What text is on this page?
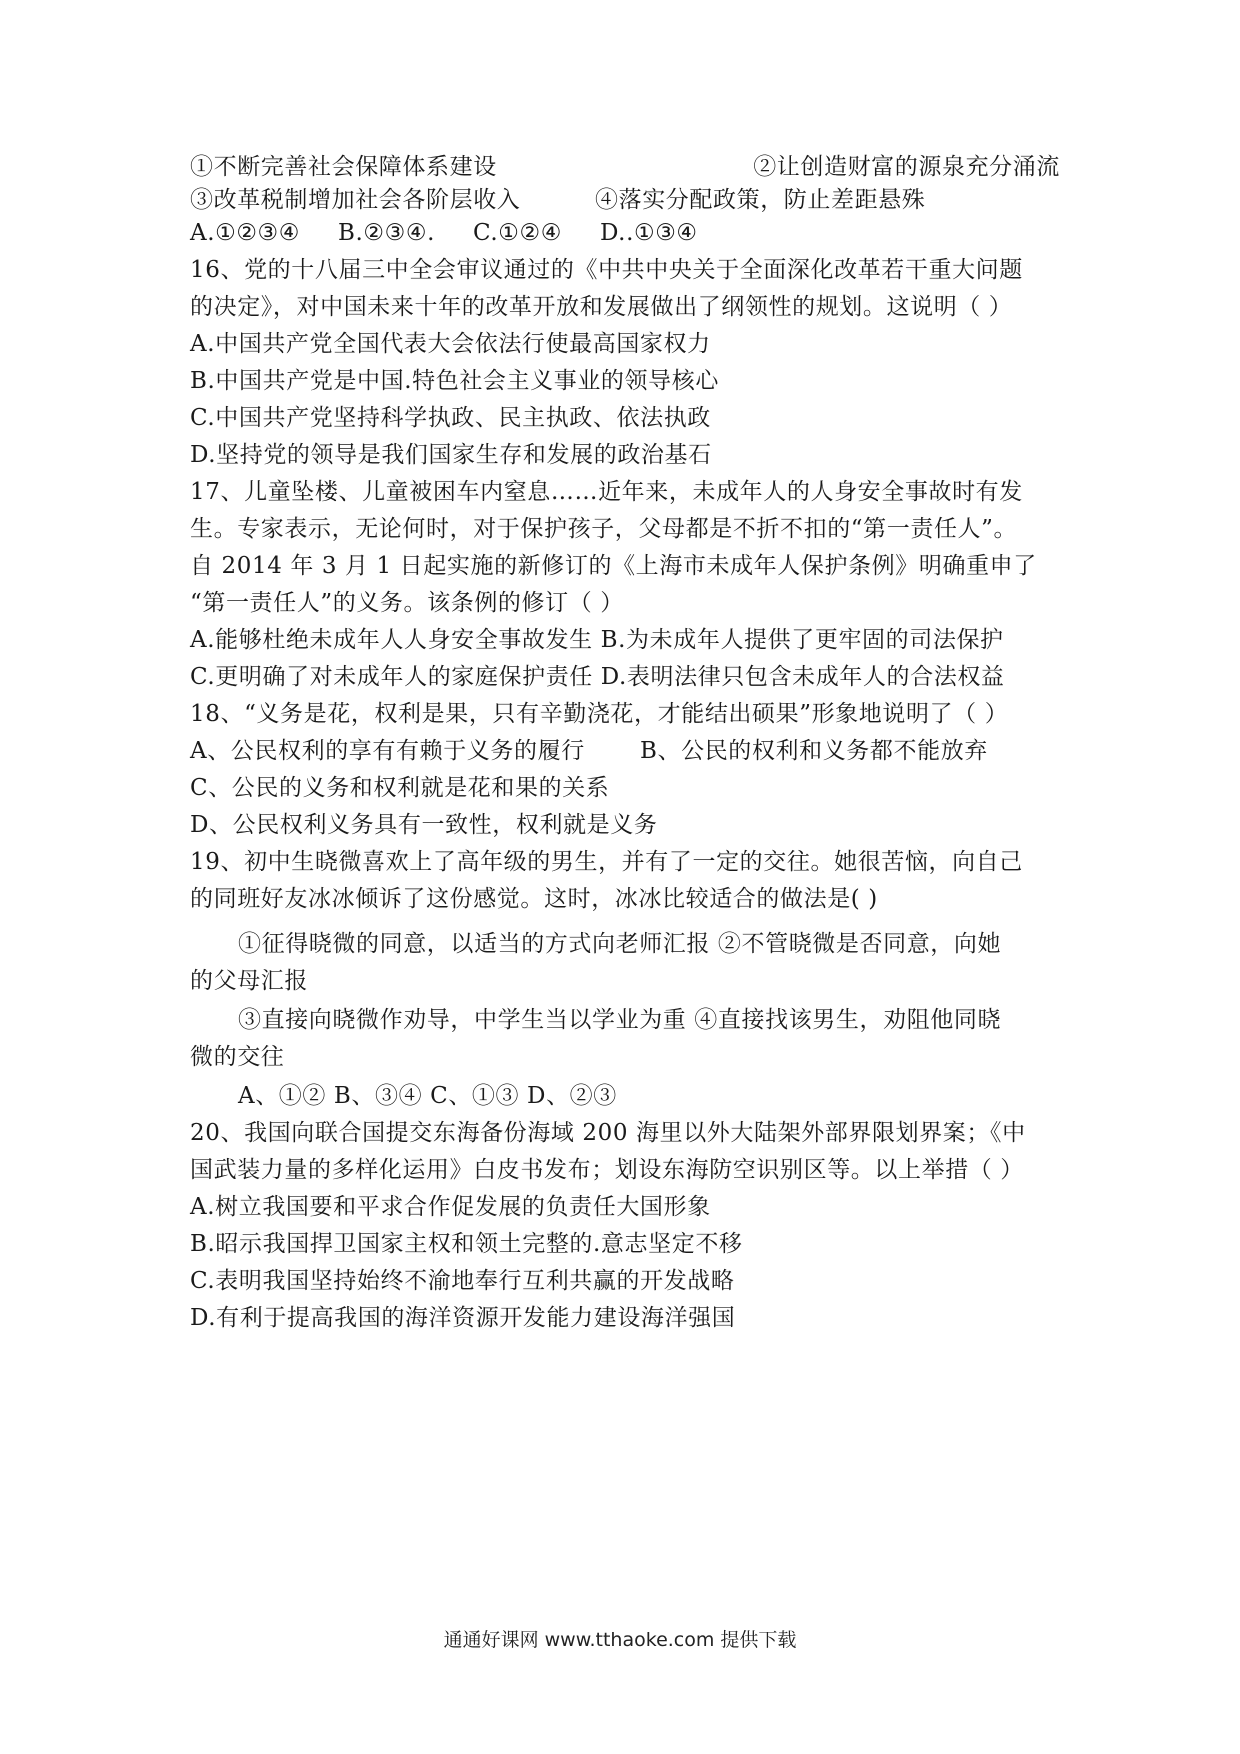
①不断完善社会保障体系建设	②让创造财富的源泉充分涌流
③改革税制增加社会各阶层收入	④落实分配政策，防止差距悬殊
A.①②③④ B.②③④. C.①②④ D..①③④
16、党的十八届三中全会审议通过的《中共中央关于全面深化改革若干重大问题
的决定》，对中国未来十年的改革开放和发展做出了纲领性的规划。这说明（ ）
A.中国共产党全国代表大会依法行使最高国家权力
B.中国共产党是中国.特色社会主义事业的领导核心
C.中国共产党坚持科学执政、民主执政、依法执政
D.坚持党的领导是我们国家生存和发展的政治基石
17、儿童坠楼、儿童被困车内窒息……近年来，未成年人的人身安全事故时有发
生。专家表示，无论何时，对于保护孩子，父母都是不折不扣的“第一责任人”。
自 2014 年 3 月 1 日起实施的新修订的《上海市未成年人保护条例》明确重申了
“第一责任人”的义务。该条例的修订（ ）
A.能够杜绝未成年人人身安全事故发生 B.为未成年人提供了更牢固的司法保护
C.更明确了对未成年人的家庭保护责任 D.表明法律只包含未成年人的合法权益
18、“义务是花，权利是果，只有辛勤浇花，才能结出硕果”形象地说明了（ ）
A、公民权利的享有有赖于义务的履行 B、公民的权利和义务都不能放弃
C、公民的义务和权利就是花和果的关系
D、公民权利义务具有一致性，权利就是义务
19、初中生晓微喜欢上了高年级的男生，并有了一定的交往。她很苦恼，向自己
的同班好友冰冰倾诉了这份感觉。这时，冰冰比较适合的做法是( )
①征得晓微的同意，以适当的方式向老师汇报 ②不管晓微是否同意，向她
的父母汇报
③直接向晓微作劝导，中学生当以学业为重 ④直接找该男生，劝阻他同晓
微的交往
A、①② B、③④ C、①③ D、②③
20、我国向联合国提交东海备份海域 200 海里以外大陆架外部界限划界案；《中
国武装力量的多样化运用》白皮书发布；划设东海防空识别区等。以上举措（ ）
A.树立我国要和平求合作促发展的负责任大国形象
B.昭示我国捍卫国家主权和领土完整的.意志坚定不移
C.表明我国坚持始终不渝地奉行互利共赢的开发战略
D.有利于提高我国的海洋资源开发能力建设海洋强国
通通好课网 www.tthaoke.com 提供下载
